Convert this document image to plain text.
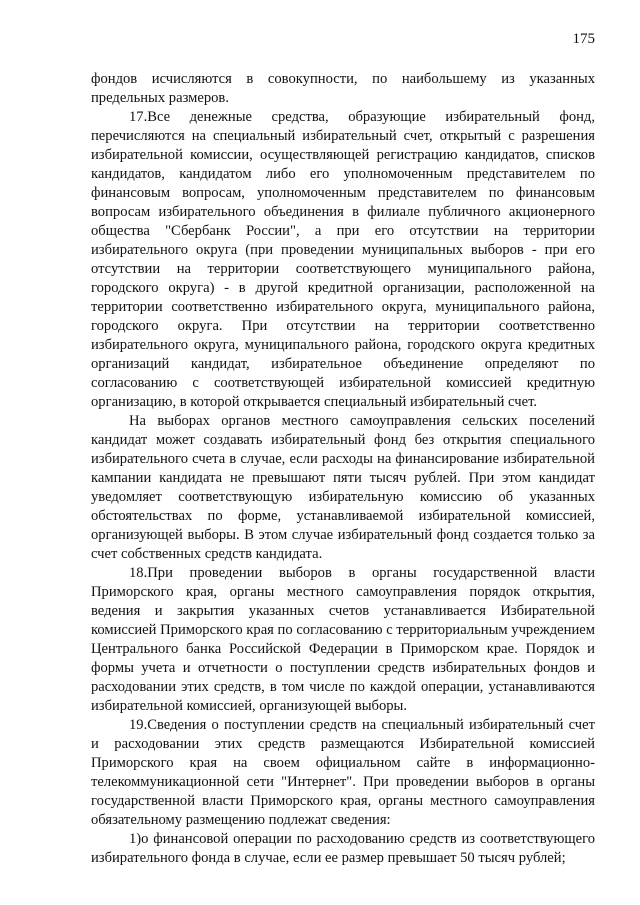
175

фондов исчисляются в совокупности, по наибольшему из указанных предельных размеров.

17.Все денежные средства, образующие избирательный фонд, перечисляются на специальный избирательный счет, открытый с разрешения избирательной комиссии, осуществляющей регистрацию кандидатов, списков кандидатов, кандидатом либо его уполномоченным представителем по финансовым вопросам, уполномоченным представителем по финансовым вопросам избирательного объединения в филиале публичного акционерного общества "Сбербанк России", а при его отсутствии на территории избирательного округа (при проведении муниципальных выборов - при его отсутствии на территории соответствующего муниципального района, городского округа) - в другой кредитной организации, расположенной на территории соответственно избирательного округа, муниципального района, городского округа. При отсутствии на территории соответственно избирательного округа, муниципального района, городского округа кредитных организаций кандидат, избирательное объединение определяют по согласованию с соответствующей избирательной комиссией кредитную организацию, в которой открывается специальный избирательный счет.

На выборах органов местного самоуправления сельских поселений кандидат может создавать избирательный фонд без открытия специального избирательного счета в случае, если расходы на финансирование избирательной кампании кандидата не превышают пяти тысяч рублей. При этом кандидат уведомляет соответствующую избирательную комиссию об указанных обстоятельствах по форме, устанавливаемой избирательной комиссией, организующей выборы. В этом случае избирательный фонд создается только за счет собственных средств кандидата.

18.При проведении выборов в органы государственной власти Приморского края, органы местного самоуправления порядок открытия, ведения и закрытия указанных счетов устанавливается Избирательной комиссией Приморского края по согласованию с территориальным учреждением Центрального банка Российской Федерации в Приморском крае. Порядок и формы учета и отчетности о поступлении средств избирательных фондов и расходовании этих средств, в том числе по каждой операции, устанавливаются избирательной комиссией, организующей выборы.

19.Сведения о поступлении средств на специальный избирательный счет и расходовании этих средств размещаются Избирательной комиссией Приморского края на своем официальном сайте в информационно-телекоммуникационной сети "Интернет". При проведении выборов в органы государственной власти Приморского края, органы местного самоуправления обязательному размещению подлежат сведения:

1)о финансовой операции по расходованию средств из соответствующего избирательного фонда в случае, если ее размер превышает 50 тысяч рублей;
